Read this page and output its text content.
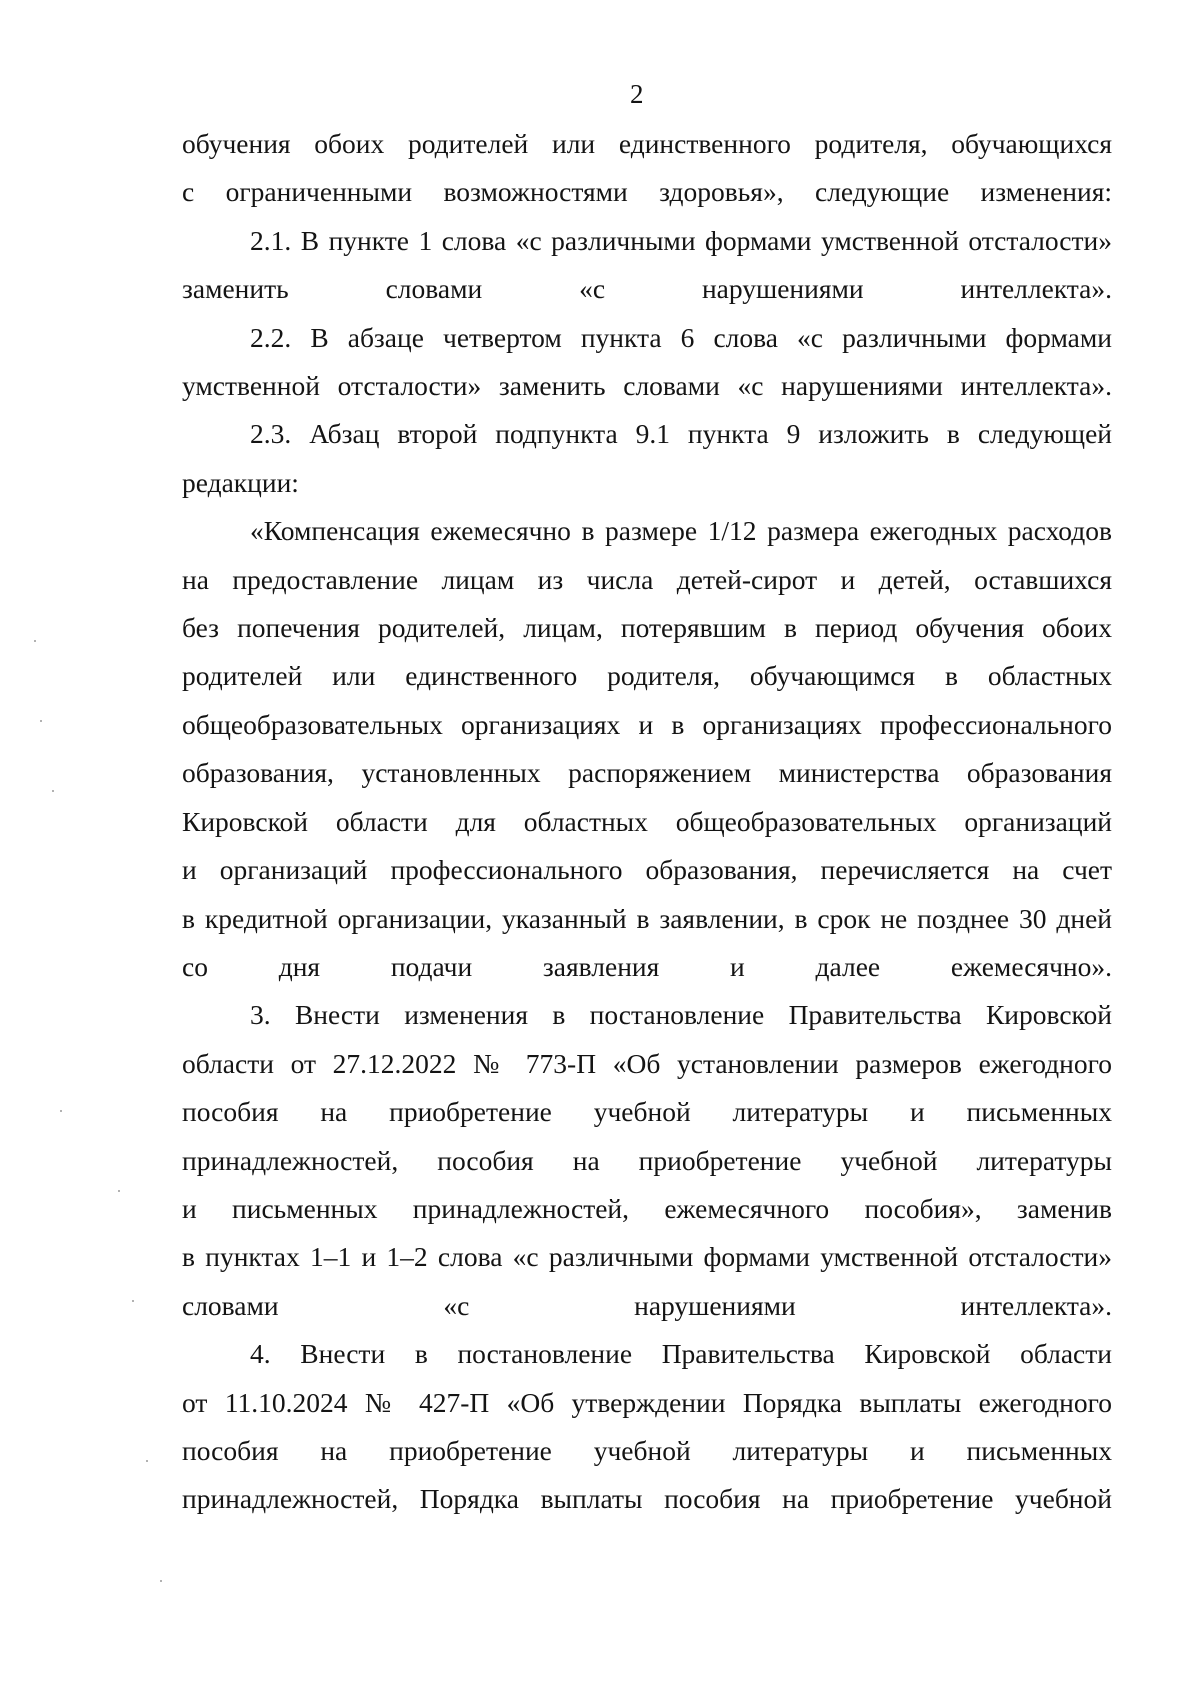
2
обучения обоих родителей или единственного родителя, обучающихся
с ограниченными возможностями здоровья», следующие изменения:
2.1. В пункте 1 слова «с различными формами умственной отсталости»
заменить словами «с нарушениями интеллекта».
2.2. В абзаце четвертом пункта 6 слова «с различными формами
умственной отсталости» заменить словами «с нарушениями интеллекта».
2.3. Абзац второй подпункта 9.1 пункта 9 изложить в следующей
редакции:
«Компенсация ежемесячно в размере 1/12 размера ежегодных расходов
на предоставление лицам из числа детей-сирот и детей, оставшихся
без попечения родителей, лицам, потерявшим в период обучения обоих
родителей или единственного родителя, обучающимся в областных
общеобразовательных организациях и в организациях профессионального
образования, установленных распоряжением министерства образования
Кировской области для областных общеобразовательных организаций
и организаций профессионального образования, перечисляется на счет
в кредитной организации, указанный в заявлении, в срок не позднее 30 дней
со дня подачи заявления и далее ежемесячно».
3. Внести изменения в постановление Правительства Кировской
области от 27.12.2022 № 773-П «Об установлении размеров ежегодного
пособия на приобретение учебной литературы и письменных
принадлежностей, пособия на приобретение учебной литературы
и письменных принадлежностей, ежемесячного пособия», заменив
в пунктах 1–1 и 1–2 слова «с различными формами умственной отсталости»
словами «с нарушениями интеллекта».
4. Внести в постановление Правительства Кировской области
от 11.10.2024 № 427-П «Об утверждении Порядка выплаты ежегодного
пособия на приобретение учебной литературы и письменных
принадлежностей, Порядка выплаты пособия на приобретение учебной
